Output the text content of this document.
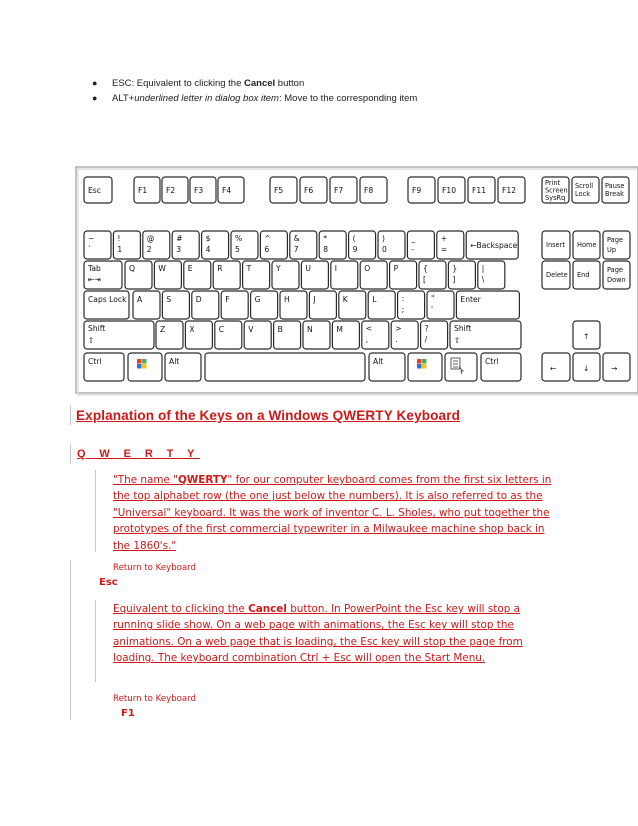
●	ESC: Equivalent to clicking the Cancel button
●	ALT+underlined letter in dialog box item: Move to the corresponding item
Esc	F1 F2 F3 F4	F5	F6	F7	F8	F9	F10 F11 F12
Print
Screen
SysRq
Scroll
Lock
Pause
Break
~
`
!
1
@
2
#
3
$
4
%
5
^
6
&
7
*
8
(
9
)
0
_
-
+
=	←Backspace
Tab
⇤⇥
Q	W	E	R	T	Y	U	I	O	P	{
[
}
]
|
\
Caps Lock A	S	D	F	G	H	J	K	L	:
;
"
'
Enter
Shift
⇧
Z	X	C	V	B	N	M	<
,
>
.
?
/
Shift
⇧
Ctrl	Alt	Alt	Ctrl
Insert Home
Page
Up
Delete End
Page
Down
↑
←	↓	→
Explanation of the Keys on a Windows QWERTY Keyboard
Q W E R T Y
"The name "QWERTY" for our computer keyboard comes from the first six letters in the top alphabet row (the one just below the numbers). It is also referred to as the "Universal" keyboard. It was the work of inventor C. L. Sholes, who put together the prototypes of the first commercial typewriter in a Milwaukee machine shop back in the 1860's."
Return to Keyboard
Esc
Equivalent to clicking the Cancel button. In PowerPoint the Esc key will stop a running slide show. On a web page with animations, the Esc key will stop the animations. On a web page that is loading, the Esc key will stop the page from loading. The keyboard combination Ctrl + Esc will open the Start Menu.
Return to Keyboard
F1
